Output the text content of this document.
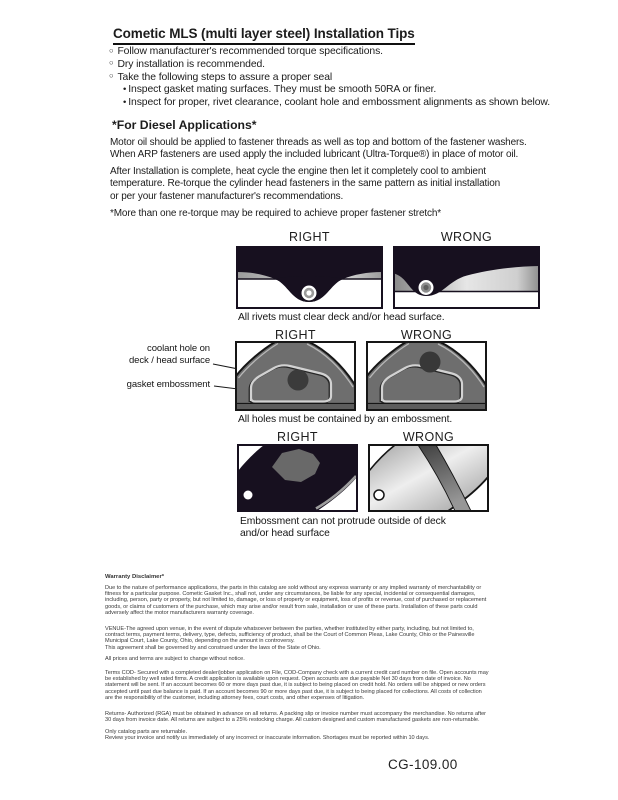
Cometic MLS (multi layer steel) Installation Tips
○ Follow manufacturer's recommended torque specifications.
○ Dry installation is recommended.
○ Take the following steps to assure a proper seal
• Inspect gasket mating surfaces. They must be smooth 50RA or finer.
• Inspect for proper, rivet clearance, coolant hole and embossment alignments as shown below.
*For Diesel Applications*
Motor oil should be applied to fastener threads as well as top and bottom of the fastener washers.
When ARP fasteners are used apply the included lubricant (Ultra-Torque®) in place of motor oil.
After Installation is complete, heat cycle the engine then let it completely cool to ambient
temperature. Re-torque the cylinder head fasteners in the same pattern as initial installation
or per your fastener manufacturer's recommendations.
*More than one re-torque may be required to achieve proper fastener stretch*
RIGHT	WRONG
All rivets must clear deck and/or head surface.
RIGHT	WRONG
coolant hole on
deck / head surface
gasket embossment
All holes must be contained by an embossment.
RIGHT	WRONG
Embossment can not protrude outside of deck
and/or head surface
Warranty Disclaimer*
Due to the nature of performance applications, the parts in this catalog are sold without any express warranty or any implied warranty of merchantability or
fitness for a particular purpose. Cometic Gasket Inc., shall not, under any circumstances, be liable for any special, incidental or consequential damages,
including, person, party or property, but not limited to, damage, or loss of property or equipment, loss of profits or revenue, cost of purchased or replacement
goods, or claims of customers of the purchase, which may arise and/or result from sale, installation or use of these parts. Installation of these parts could
adversely affect the motor manufacturers warranty coverage.
VENUE-The agreed upon venue, in the event of dispute whatsoever between the parties, whether instituted by either party, including, but not limited to,
contract terms, payment terms, delivery, type, defects, sufficiency of product, shall be the Court of Common Pleas, Lake County, Ohio or the Painesville
Municipal Court, Lake County, Ohio, depending on the amount in controversy.
This agreement shall be governed by and construed under the laws of the State of Ohio.
All prices and terms are subject to change without notice.
Terms COD- Secured with a completed dealer/jobber application on File, COD-Company check with a current credit card number on file. Open accounts may
be established by well rated firms. A credit application is available upon request. Open accounts are due payable Net 30 days from date of invoice. No
statement will be sent. If an account becomes 60 or more days past due, it is subject to being placed on credit hold. No orders will be shipped or new orders
accepted until past due balance is paid. If an account becomes 90 or more days past due, it is subject to being placed for collections. All costs of collection
are the responsibility of the customer, including attorney fees, court costs, and other expenses of litigation.
Returns- Authorized (RGA) must be obtained in advance on all returns. A packing slip or invoice number must accompany the merchandise. No returns after
30 days from invoice date. All returns are subject to a 25% restocking charge. All custom designed and custom manufactured gaskets are non-returnable.
Only catalog parts are returnable.
Review your invoice and notify us immediately of any incorrect or inaccurate information. Shortages must be reported within 10 days.
CG-109.00
